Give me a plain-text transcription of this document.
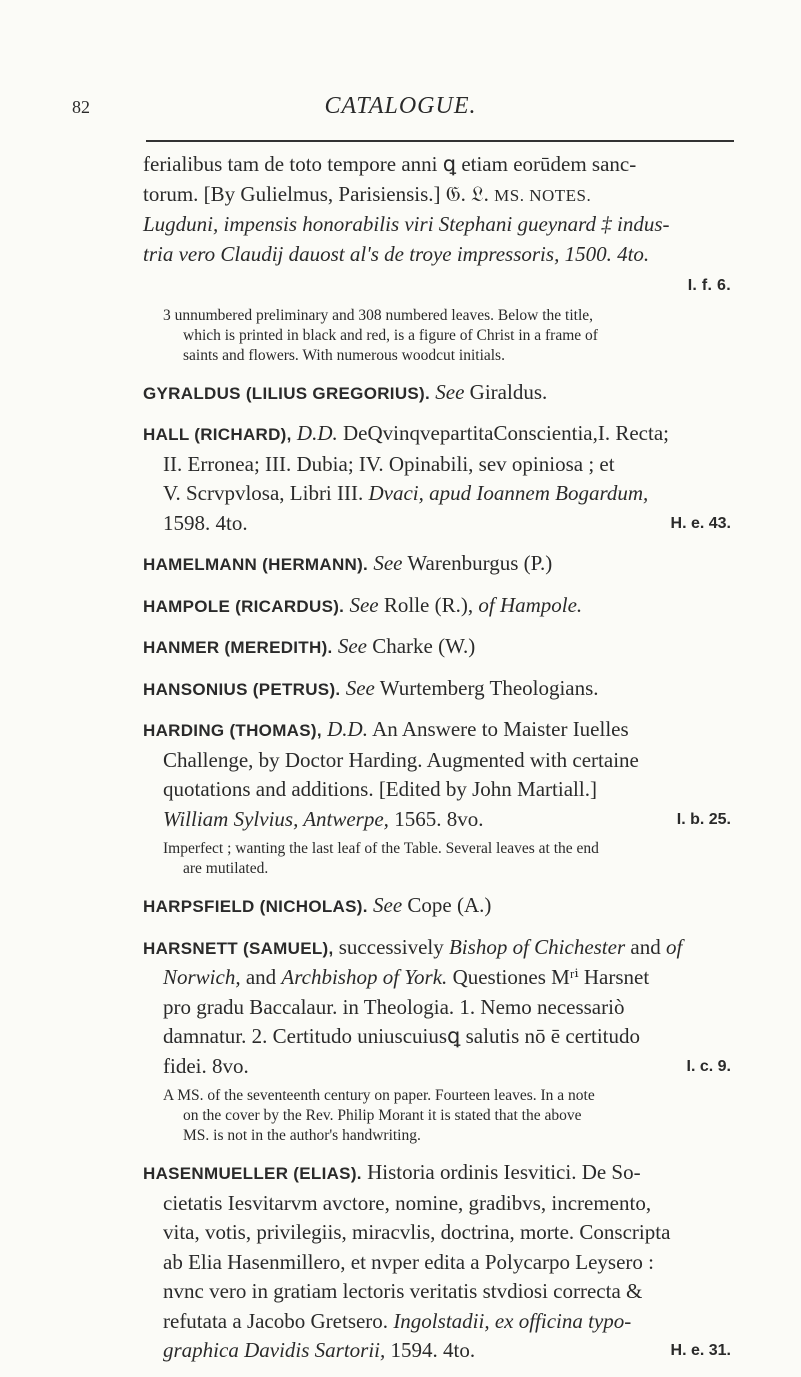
82	CATALOGUE.
ferialibus tam de toto tempore anni ꝗ etiam eorūdem sanc-
torum. [By Gulielmus, Parisiensis.] 𝔊. 𝔏. MS. NOTES.
Lugduni, impensis honorabilis viri Stephani gueynard ‡ indus-
tria vero Claudij dauost al's de troye impressoris, 1500. 4to.
I. f. 6.
3 unnumbered preliminary and 308 numbered leaves. Below the title,
which is printed in black and red, is a figure of Christ in a frame of
saints and flowers. With numerous woodcut initials.
GYRALDUS (LILIUS GREGORIUS). See Giraldus.
HALL (RICHARD), D.D. DeQvinqvepartitaConscientia,I. Recta;
II. Erronea; III. Dubia; IV. Opinabili, sev opiniosa ; et
V. Scrvpvlosa, Libri III. Dvaci, apud Ioannem Bogardum,
1598. 4to.	H. e. 43.
HAMELMANN (HERMANN). See Warenburgus (P.)
HAMPOLE (RICARDUS). See Rolle (R.), of Hampole.
HANMER (MEREDITH). See Charke (W.)
HANSONIUS (PETRUS). See Wurtemberg Theologians.
HARDING (THOMAS), D.D. An Answere to Maister Iuelles
Challenge, by Doctor Harding. Augmented with certaine
quotations and additions. [Edited by John Martiall.]
William Sylvius, Antwerpe, 1565. 8vo.	I. b. 25.
Imperfect ; wanting the last leaf of the Table. Several leaves at the end
are mutilated.
HARPSFIELD (NICHOLAS). See Cope (A.)
HARSNETT (SAMUEL), successively Bishop of Chichester and of
Norwich, and Archbishop of York. Questiones Mʳⁱ Harsnet
pro gradu Baccalaur. in Theologia. 1. Nemo necessariò
damnatur. 2. Certitudo uniuscuiusꝗ salutis nō ē certitudo
fidei. 8vo.	I. c. 9.
A MS. of the seventeenth century on paper. Fourteen leaves. In a note
on the cover by the Rev. Philip Morant it is stated that the above
MS. is not in the author's handwriting.
HASENMUELLER (ELIAS). Historia ordinis Iesvitici. De So-
cietatis Iesvitarvm avctore, nomine, gradibvs, incremento,
vita, votis, privilegiis, miracvlis, doctrina, morte. Conscripta
ab Elia Hasenmillero, et nvper edita a Polycarpo Leysero :
nvnc vero in gratiam lectoris veritatis stvdiosi correcta &
refutata a Jacobo Gretsero. Ingolstadii, ex officina typo-
graphica Davidis Sartorii, 1594. 4to.	H. e. 31.
